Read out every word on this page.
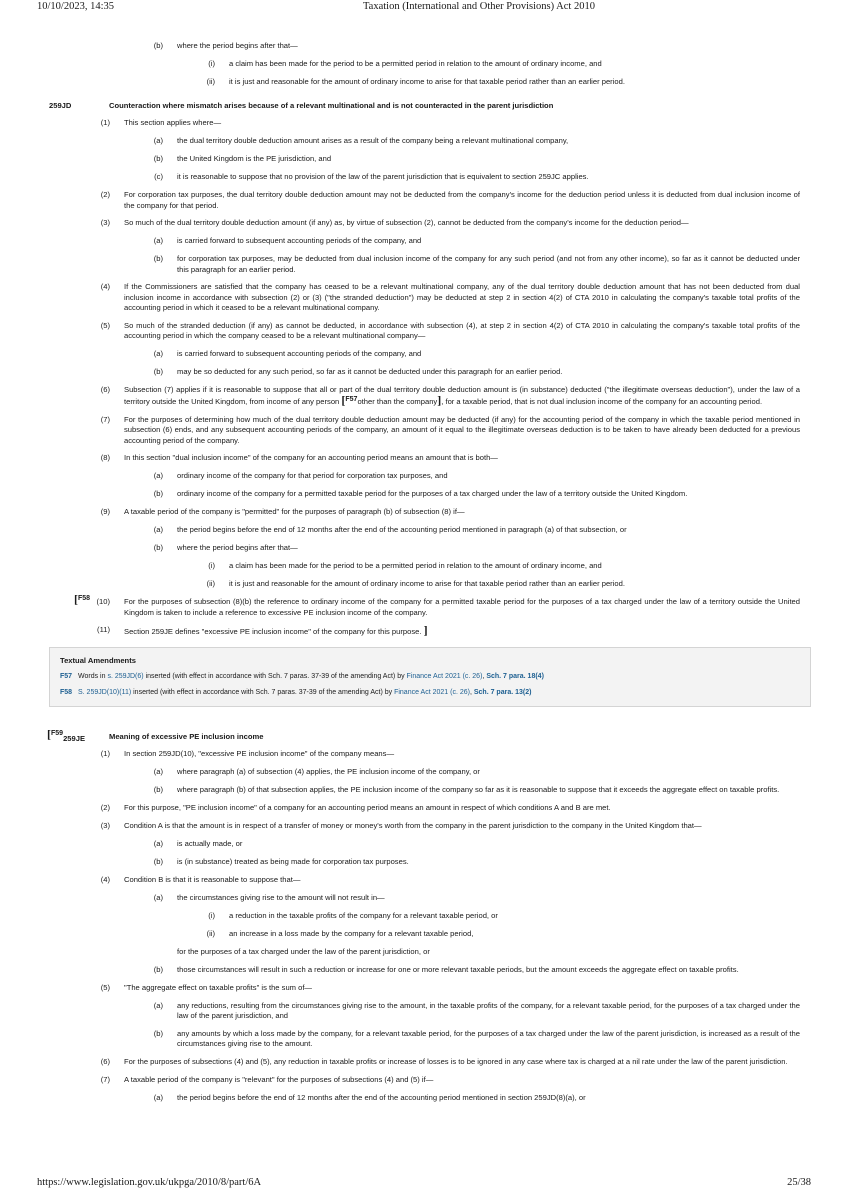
10/10/2023, 14:35	Taxation (International and Other Provisions) Act 2010
(b) where the period begins after that—
(i) a claim has been made for the period to be a permitted period in relation to the amount of ordinary income, and
(ii) it is just and reasonable for the amount of ordinary income to arise for that taxable period rather than an earlier period.
259JD	Counteraction where mismatch arises because of a relevant multinational and is not counteracted in the parent jurisdiction
(1) This section applies where—
(a) the dual territory double deduction amount arises as a result of the company being a relevant multinational company,
(b) the United Kingdom is the PE jurisdiction, and
(c) it is reasonable to suppose that no provision of the law of the parent jurisdiction that is equivalent to section 259JC applies.
(2) For corporation tax purposes, the dual territory double deduction amount may not be deducted from the company's income for the deduction period unless it is deducted from dual inclusion income of the company for that period.
(3) So much of the dual territory double deduction amount (if any) as, by virtue of subsection (2), cannot be deducted from the company's income for the deduction period—
(a) is carried forward to subsequent accounting periods of the company, and
(b) for corporation tax purposes, may be deducted from dual inclusion income of the company for any such period (and not from any other income), so far as it cannot be deducted under this paragraph for an earlier period.
(4) If the Commissioners are satisfied that the company has ceased to be a relevant multinational company, any of the dual territory double deduction amount that has not been deducted from dual inclusion income in accordance with subsection (2) or (3) ("the stranded deduction") may be deducted at step 2 in section 4(2) of CTA 2010 in calculating the company's taxable total profits of the accounting period in which it ceased to be a relevant multinational company.
(5) So much of the stranded deduction (if any) as cannot be deducted, in accordance with subsection (4), at step 2 in section 4(2) of CTA 2010 in calculating the company's taxable total profits of the accounting period in which the company ceased to be a relevant multinational company—
(a) is carried forward to subsequent accounting periods of the company, and
(b) may be so deducted for any such period, so far as it cannot be deducted under this paragraph for an earlier period.
(6) Subsection (7) applies if it is reasonable to suppose that all or part of the dual territory double deduction amount is (in substance) deducted ("the illegitimate overseas deduction"), under the law of a territory outside the United Kingdom, from income of any person [F57other than the company], for a taxable period, that is not dual inclusion income of the company for an accounting period.
(7) For the purposes of determining how much of the dual territory double deduction amount may be deducted (if any) for the accounting period of the company in which the taxable period mentioned in subsection (6) ends, and any subsequent accounting periods of the company, an amount of it equal to the illegitimate overseas deduction is to be taken to have already been deducted for a previous accounting period of the company.
(8) In this section "dual inclusion income" of the company for an accounting period means an amount that is both—
(a) ordinary income of the company for that period for corporation tax purposes, and
(b) ordinary income of the company for a permitted taxable period for the purposes of a tax charged under the law of a territory outside the United Kingdom.
(9) A taxable period of the company is "permitted" for the purposes of paragraph (b) of subsection (8) if—
(a) the period begins before the end of 12 months after the end of the accounting period mentioned in paragraph (a) of that subsection, or
(b) where the period begins after that—
(i) a claim has been made for the period to be a permitted period in relation to the amount of ordinary income, and
(ii) it is just and reasonable for the amount of ordinary income to arise for that taxable period rather than an earlier period.
[F58 (10) For the purposes of subsection (8)(b) the reference to ordinary income of the company for a permitted taxable period for the purposes of a tax charged under the law of a territory outside the United Kingdom is taken to include a reference to excessive PE inclusion income of the company.
(11) Section 259JE defines "excessive PE inclusion income" of the company for this purpose. ]
Textual Amendments
F57 Words in s. 259JD(6) inserted (with effect in accordance with Sch. 7 paras. 37-39 of the amending Act) by Finance Act 2021 (c. 26), Sch. 7 para. 18(4)
F58 S. 259JD(10)(11) inserted (with effect in accordance with Sch. 7 paras. 37-39 of the amending Act) by Finance Act 2021 (c. 26), Sch. 7 para. 13(2)
[F59259JE	Meaning of excessive PE inclusion income
(1) In section 259JD(10), "excessive PE inclusion income" of the company means—
(a) where paragraph (a) of subsection (4) applies, the PE inclusion income of the company, or
(b) where paragraph (b) of that subsection applies, the PE inclusion income of the company so far as it is reasonable to suppose that it exceeds the aggregate effect on taxable profits.
(2) For this purpose, "PE inclusion income" of a company for an accounting period means an amount in respect of which conditions A and B are met.
(3) Condition A is that the amount is in respect of a transfer of money or money's worth from the company in the parent jurisdiction to the company in the United Kingdom that—
(a) is actually made, or
(b) is (in substance) treated as being made for corporation tax purposes.
(4) Condition B is that it is reasonable to suppose that—
(a) the circumstances giving rise to the amount will not result in—
(i) a reduction in the taxable profits of the company for a relevant taxable period, or
(ii) an increase in a loss made by the company for a relevant taxable period,
for the purposes of a tax charged under the law of the parent jurisdiction, or
(b) those circumstances will result in such a reduction or increase for one or more relevant taxable periods, but the amount exceeds the aggregate effect on taxable profits.
(5) "The aggregate effect on taxable profits" is the sum of—
(a) any reductions, resulting from the circumstances giving rise to the amount, in the taxable profits of the company, for a relevant taxable period, for the purposes of a tax charged under the law of the parent jurisdiction, and
(b) any amounts by which a loss made by the company, for a relevant taxable period, for the purposes of a tax charged under the law of the parent jurisdiction, is increased as a result of the circumstances giving rise to the amount.
(6) For the purposes of subsections (4) and (5), any reduction in taxable profits or increase of losses is to be ignored in any case where tax is charged at a nil rate under the law of the parent jurisdiction.
(7) A taxable period of the company is "relevant" for the purposes of subsections (4) and (5) if—
(a) the period begins before the end of 12 months after the end of the accounting period mentioned in section 259JD(8)(a), or
https://www.legislation.gov.uk/ukpga/2010/8/part/6A	25/38
